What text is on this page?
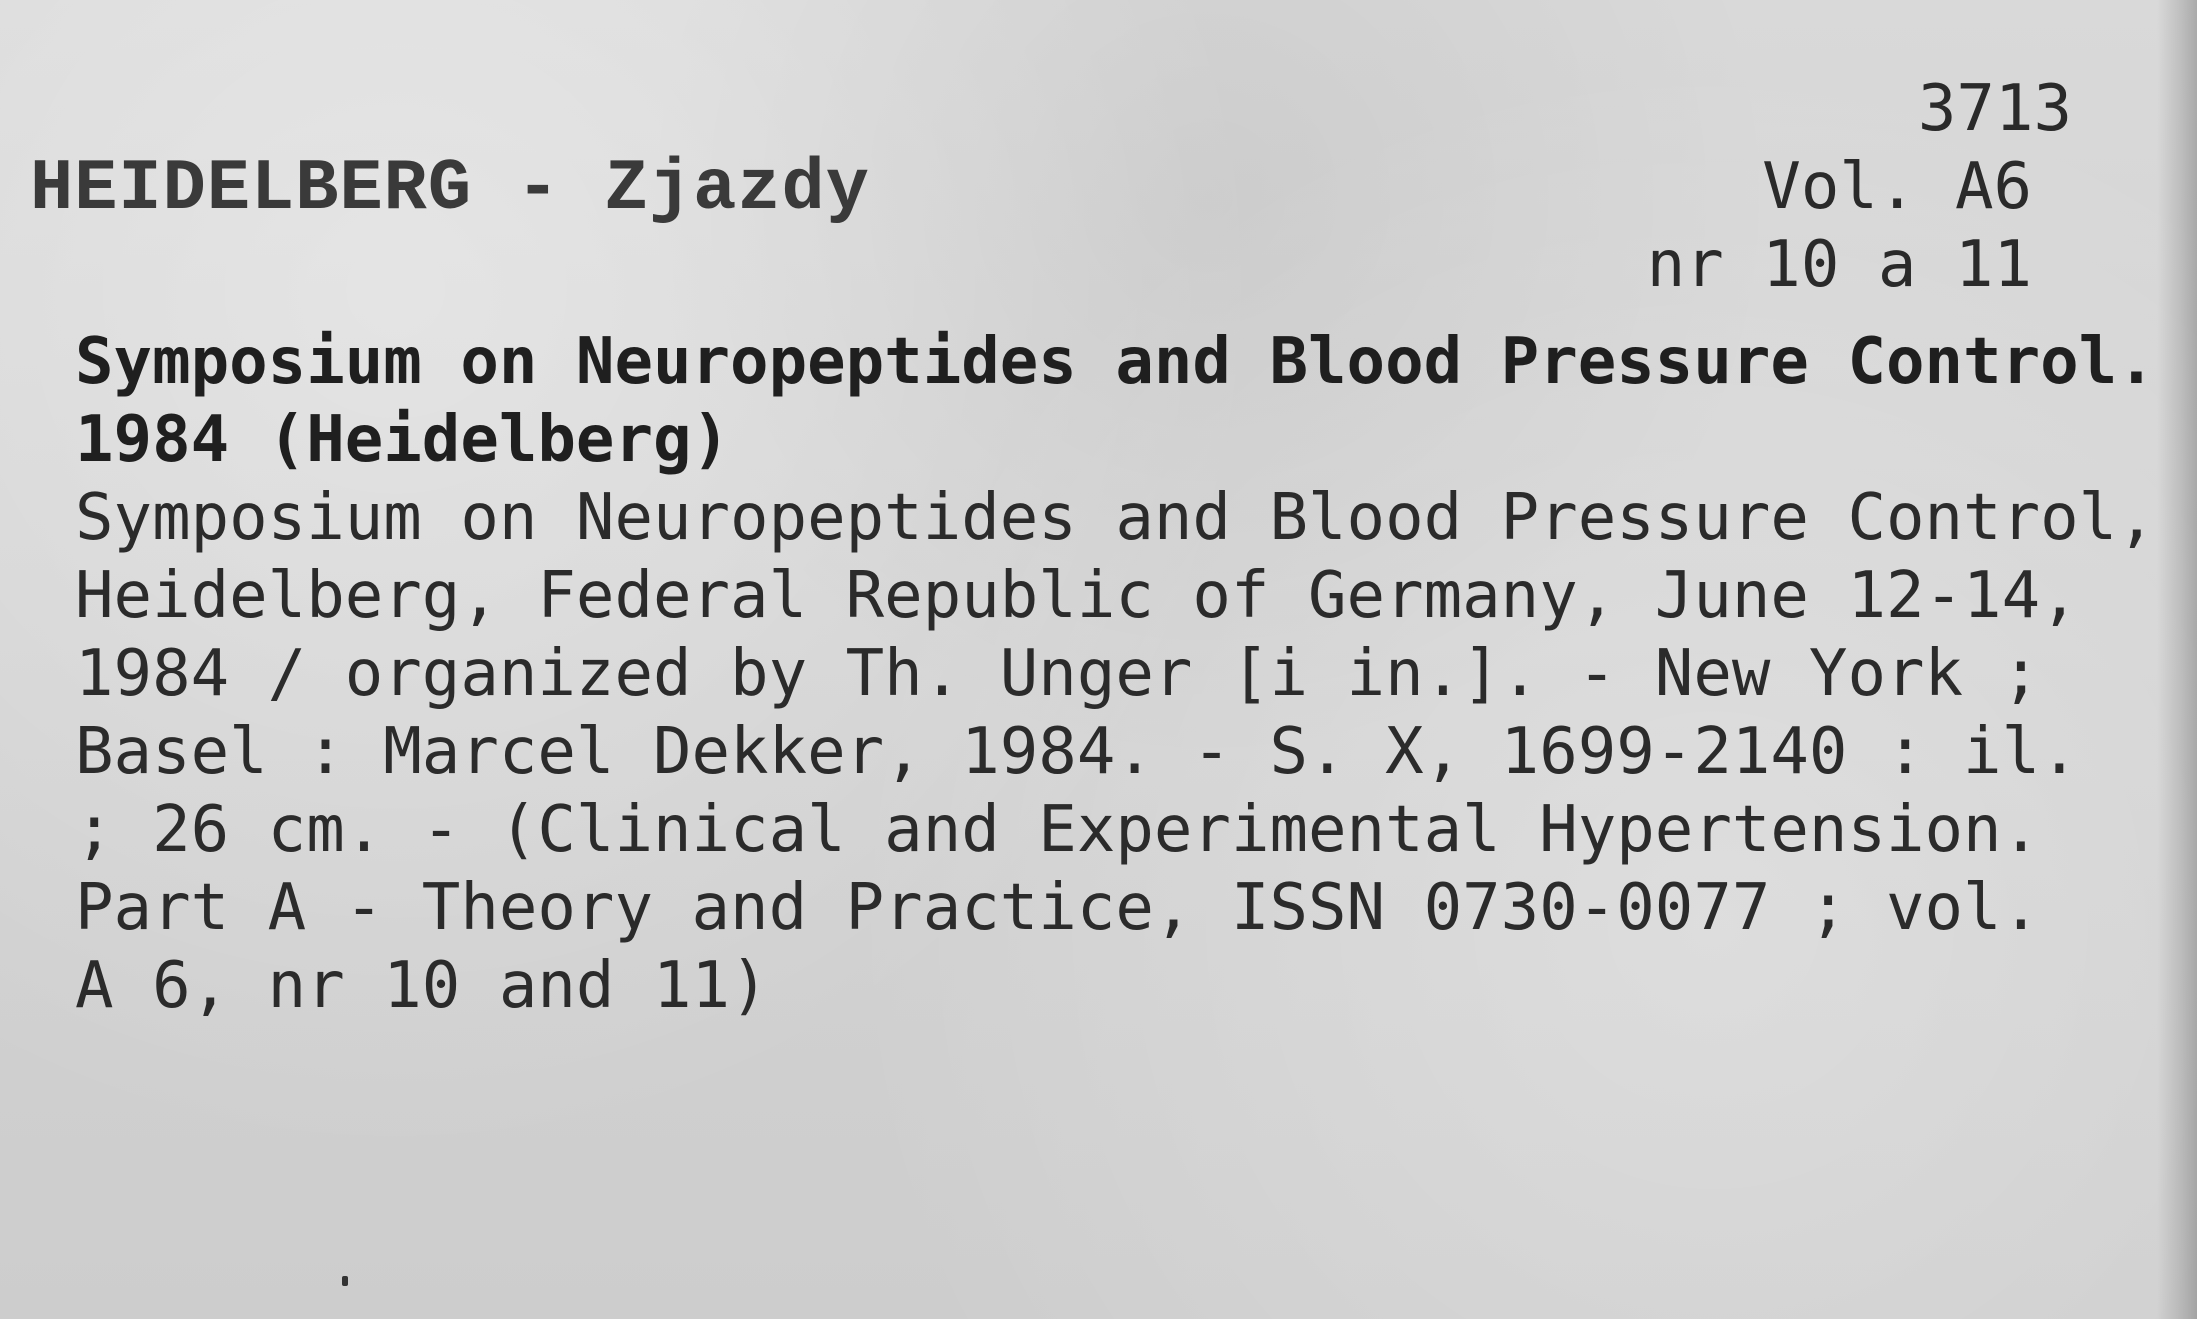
HEIDELBERG - Zjazdy
3713
Vol. A6
nr 10 a 11
Symposium on Neuropeptides and Blood Pressure Control.
1984 (Heidelberg)
Symposium on Neuropeptides and Blood Pressure Control,
Heidelberg, Federal Republic of Germany, June 12-14,
1984 / organized by Th. Unger [i in.]. - New York ;
Basel : Marcel Dekker, 1984. - S. X, 1699-2140 : il.
; 26 cm. - (Clinical and Experimental Hypertension.
Part A - Theory and Practice, ISSN 0730-0077 ; vol.
A 6, nr 10 and 11)
